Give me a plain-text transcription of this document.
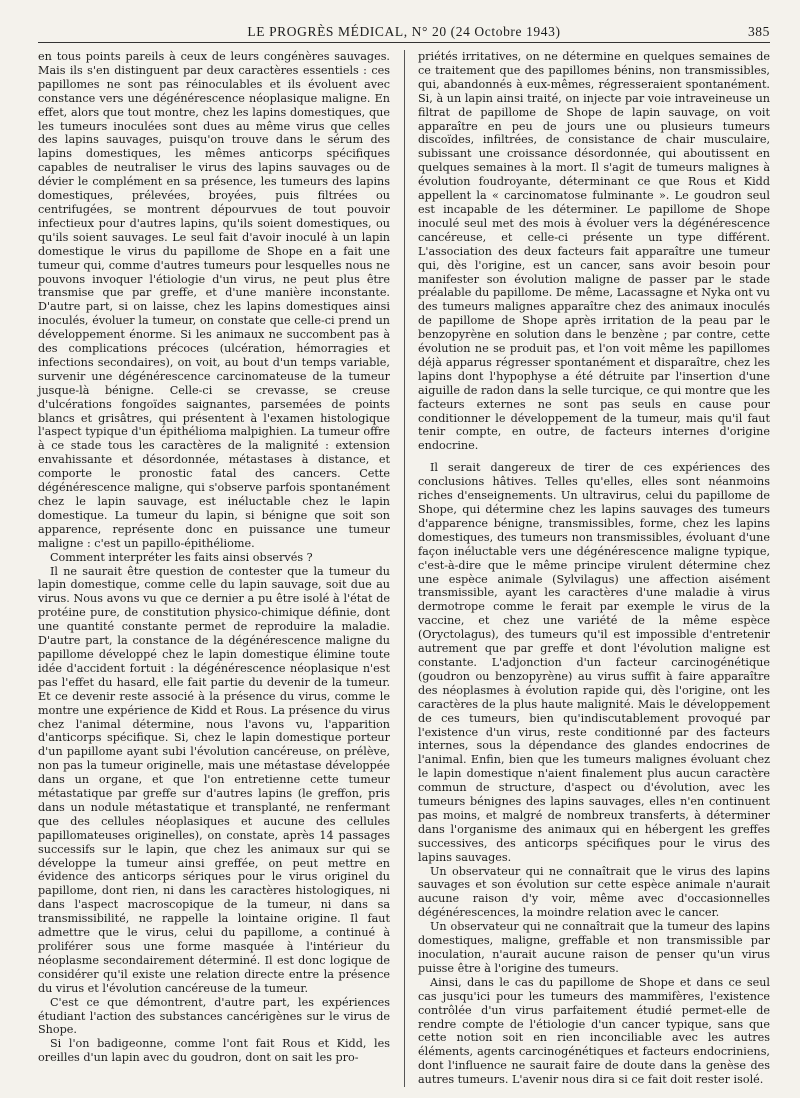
LE PROGRÈS MÉDICAL, N° 20 (24 Octobre 1943)	385

en tous points pareils à ceux de leurs congénères sauvages. Mais ils s'en distinguent par deux caractères essentiels : ces papillomes ne sont pas réinoculables et ils évoluent avec constance vers une dégénérescence néoplasique maligne. En effet, alors que tout montre, chez les lapins domestiques, que les tumeurs inoculées sont dues au même virus que celles des lapins sauvages, puisqu'on trouve dans le sérum des lapins domestiques, les mêmes anticorps spécifiques capables de neutraliser le virus des lapins sauvages ou de dévier le complément en sa présence, les tumeurs des lapins domestiques, prélevées, broyées, puis filtrées ou centrifugées, se montrent dépourvues de tout pouvoir infectieux pour d'autres lapins, qu'ils soient domestiques, ou qu'ils soient sauvages. Le seul fait d'avoir inoculé à un lapin domestique le virus du papillome de Shope en a fait une tumeur qui, comme d'autres tumeurs pour lesquelles nous ne pouvons invoquer l'étiologie d'un virus, ne peut plus être transmise que par greffe, et d'une manière inconstante. D'autre part, si on laisse, chez les lapins domestiques ainsi inoculés, évoluer la tumeur, on constate que celle-ci prend un développement énorme. Si les animaux ne succombent pas à des complications précoces (ulcération, hémorragies et infections secondaires), on voit, au bout d'un temps variable, survenir une dégénérescence carcinomateuse de la tumeur jusque-là bénigne. Celle-ci se crevasse, se creuse d'ulcérations fongoïdes saignantes, parsemées de points blancs et grisâtres, qui présentent à l'examen histologique l'aspect typique d'un épithélioma malpighien. La tumeur offre à ce stade tous les caractères de la malignité : extension envahissante et désordonnée, métastases à distance, et comporte le pronostic fatal des cancers. Cette dégénérescence maligne, qui s'observe parfois spontanément chez le lapin sauvage, est inéluctable chez le lapin domestique. La tumeur du lapin, si bénigne que soit son apparence, représente donc en puissance une tumeur maligne : c'est un papillo-épithéliome.

Comment interpréter les faits ainsi observés ?

Il ne saurait être question de contester que la tumeur du lapin domestique, comme celle du lapin sauvage, soit due au virus. Nous avons vu que ce dernier a pu être isolé à l'état de protéine pure, de constitution physico-chimique définie, dont une quantité constante permet de reproduire la maladie. D'autre part, la constance de la dégénérescence maligne du papillome développé chez le lapin domestique élimine toute idée d'accident fortuit : la dégénérescence néoplasique n'est pas l'effet du hasard, elle fait partie du devenir de la tumeur. Et ce devenir reste associé à la présence du virus, comme le montre une expérience de Kidd et Rous. La présence du virus chez l'animal détermine, nous l'avons vu, l'apparition d'anticorps spécifique. Si, chez le lapin domestique porteur d'un papillome ayant subi l'évolution cancéreuse, on prélève, non pas la tumeur originelle, mais une métastase développée dans un organe, et que l'on entretienne cette tumeur métastatique par greffe sur d'autres lapins (le greffon, pris dans un nodule métastatique et transplanté, ne renfermant que des cellules néoplasiques et aucune des cellules papillomateuses originelles), on constate, après 14 passages successifs sur le lapin, que chez les animaux sur qui se développe la tumeur ainsi greffée, on peut mettre en évidence des anticorps sériques pour le virus originel du papillome, dont rien, ni dans les caractères histologiques, ni dans l'aspect macroscopique de la tumeur, ni dans sa transmissibilité, ne rappelle la lointaine origine. Il faut admettre que le virus, celui du papillome, a continué à proliférer sous une forme masquée à l'intérieur du néoplasme secondairement déterminé. Il est donc logique de considérer qu'il existe une relation directe entre la présence du virus et l'évolution cancéreuse de la tumeur.

C'est ce que démontrent, d'autre part, les expériences étudiant l'action des substances cancérigènes sur le virus de Shope.

Si l'on badigeonne, comme l'ont fait Rous et Kidd, les oreilles d'un lapin avec du goudron, dont on sait les pro-

priétés irritatives, on ne détermine en quelques semaines de ce traitement que des papillomes bénins, non transmissibles, qui, abandonnés à eux-mêmes, régresseraient spontanément. Si, à un lapin ainsi traité, on injecte par voie intraveineuse un filtrat de papillome de Shope de lapin sauvage, on voit apparaître en peu de jours une ou plusieurs tumeurs discoïdes, infiltrées, de consistance de chair musculaire, subissant une croissance désordonnée, qui aboutissent en quelques semaines à la mort. Il s'agit de tumeurs malignes à évolution foudroyante, déterminant ce que Rous et Kidd appellent la « carcinomatose fulminante ». Le goudron seul est incapable de les déterminer. Le papillome de Shope inoculé seul met des mois à évoluer vers la dégénérescence cancéreuse, et celle-ci présente un type différent. L'association des deux facteurs fait apparaître une tumeur qui, dès l'origine, est un cancer, sans avoir besoin pour manifester son évolution maligne de passer par le stade préalable du papillome. De même, Lacassagne et Nyka ont vu des tumeurs malignes apparaître chez des animaux inoculés de papillome de Shope après irritation de la peau par le benzopyrène en solution dans le benzène ; par contre, cette évolution ne se produit pas, et l'on voit même les papillomes déjà apparus régresser spontanément et disparaître, chez les lapins dont l'hypophyse a été détruite par l'insertion d'une aiguille de radon dans la selle turcique, ce qui montre que les facteurs externes ne sont pas seuls en cause pour conditionner le développement de la tumeur, mais qu'il faut tenir compte, en outre, de facteurs internes d'origine endocrine.

Il serait dangereux de tirer de ces expériences des conclusions hâtives. Telles qu'elles, elles sont néanmoins riches d'enseignements. Un ultravirus, celui du papillome de Shope, qui détermine chez les lapins sauvages des tumeurs d'apparence bénigne, transmissibles, forme, chez les lapins domestiques, des tumeurs non transmissibles, évoluant d'une façon inéluctable vers une dégénérescence maligne typique, c'est-à-dire que le même principe virulent détermine chez une espèce animale (Sylvilagus) une affection aisément transmissible, ayant les caractères d'une maladie à virus dermotrope comme le ferait par exemple le virus de la vaccine, et chez une variété de la même espèce (Oryctolagus), des tumeurs qu'il est impossible d'entretenir autrement que par greffe et dont l'évolution maligne est constante. L'adjonction d'un facteur carcinogénétique (goudron ou benzopyrène) au virus suffit à faire apparaître des néoplasmes à évolution rapide qui, dès l'origine, ont les caractères de la plus haute malignité. Mais le développement de ces tumeurs, bien qu'indiscutablement provoqué par l'existence d'un virus, reste conditionné par des facteurs internes, sous la dépendance des glandes endocrines de l'animal. Enfin, bien que les tumeurs malignes évoluant chez le lapin domestique n'aient finalement plus aucun caractère commun de structure, d'aspect ou d'évolution, avec les tumeurs bénignes des lapins sauvages, elles n'en continuent pas moins, et malgré de nombreux transferts, à déterminer dans l'organisme des animaux qui en hébergent les greffes successives, des anticorps spécifiques pour le virus des lapins sauvages.

Un observateur qui ne connaîtrait que le virus des lapins sauvages et son évolution sur cette espèce animale n'aurait aucune raison d'y voir, même avec d'occasionnelles dégénérescences, la moindre relation avec le cancer.

Un observateur qui ne connaîtrait que la tumeur des lapins domestiques, maligne, greffable et non transmissible par inoculation, n'aurait aucune raison de penser qu'un virus puisse être à l'origine des tumeurs.

Ainsi, dans le cas du papillome de Shope et dans ce seul cas jusqu'ici pour les tumeurs des mammifères, l'existence contrôlée d'un virus parfaitement étudié permet-elle de rendre compte de l'étiologie d'un cancer typique, sans que cette notion soit en rien inconciliable avec les autres éléments, agents carcinogénétiques et facteurs endocriniens, dont l'influence ne saurait faire de doute dans la genèse des autres tumeurs. L'avenir nous dira si ce fait doit rester isolé.
